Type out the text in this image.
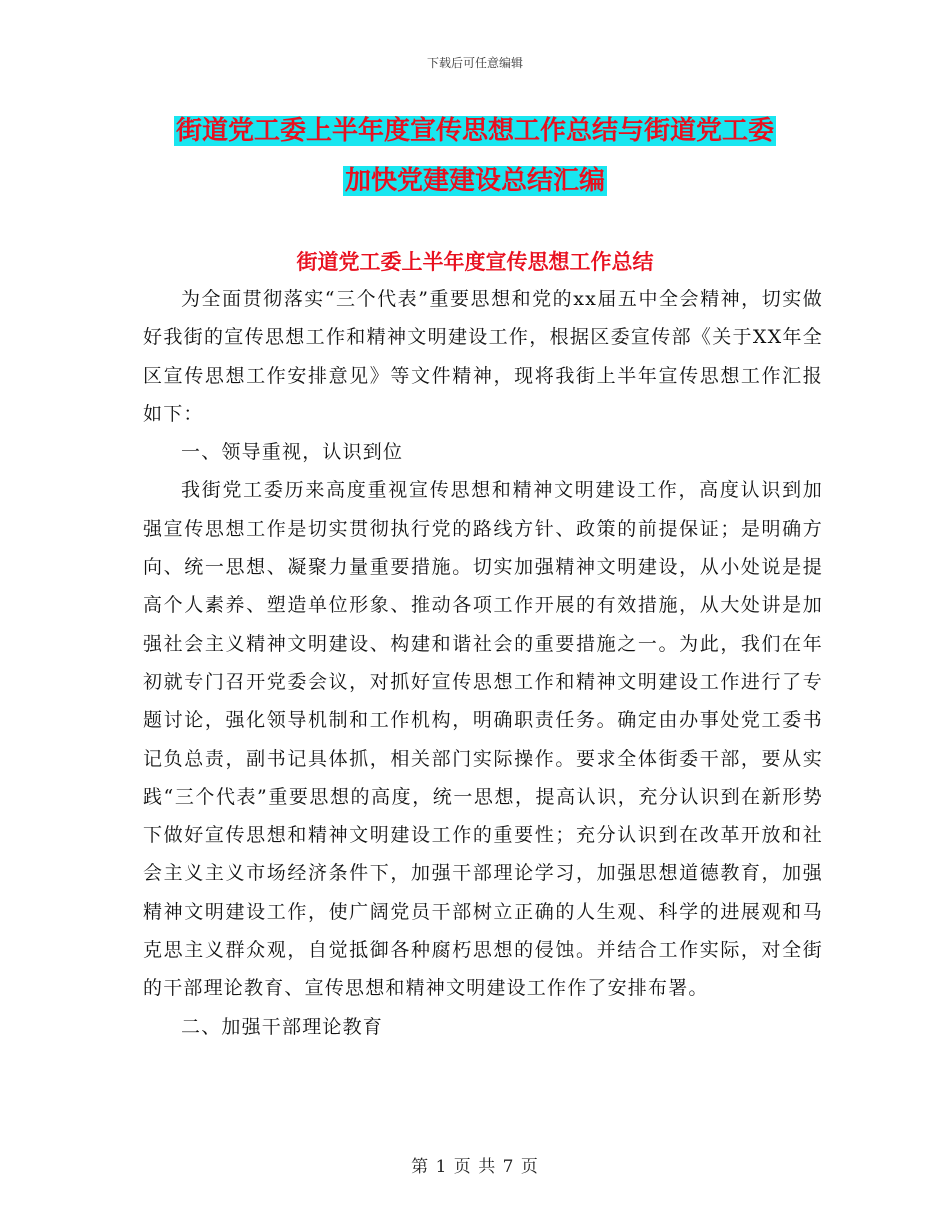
下载后可任意编辑
街道党工委上半年度宣传思想工作总结与街道党工委
加快党建建设总结汇编
街道党工委上半年度宣传思想工作总结

为全面贯彻落实“三个代表”重要思想和党的xx届五中全会精神，切实做好我街的宣传思想工作和精神文明建设工作，根据区委宣传部《关于XX年全区宣传思想工作安排意见》等文件精神，现将我街上半年宣传思想工作汇报如下：

一、领导重视，认识到位

我街党工委历来高度重视宣传思想和精神文明建设工作，高度认识到加强宣传思想工作是切实贯彻执行党的路线方针、政策的前提保证；是明确方向、统一思想、凝聚力量重要措施。切实加强精神文明建设，从小处说是提高个人素养、塑造单位形象、推动各项工作开展的有效措施，从大处讲是加强社会主义精神文明建设、构建和谐社会的重要措施之一。为此，我们在年初就专门召开党委会议，对抓好宣传思想工作和精神文明建设工作进行了专题讨论，强化领导机制和工作机构，明确职责任务。确定由办事处党工委书记负总责，副书记具体抓，相关部门实际操作。要求全体街委干部，要从实践“三个代表”重要思想的高度，统一思想，提高认识，充分认识到在新形势下做好宣传思想和精神文明建设工作的重要性；充分认识到在改革开放和社会主义主义市场经济条件下，加强干部理论学习，加强思想道德教育，加强精神文明建设工作，使广阔党员干部树立正确的人生观、科学的进展观和马克思主义群众观，自觉抵御各种腐朽思想的侵蚀。并结合工作实际，对全街的干部理论教育、宣传思想和精神文明建设工作作了安排布署。

二、加强干部理论教育

第 1 页 共 7 页
